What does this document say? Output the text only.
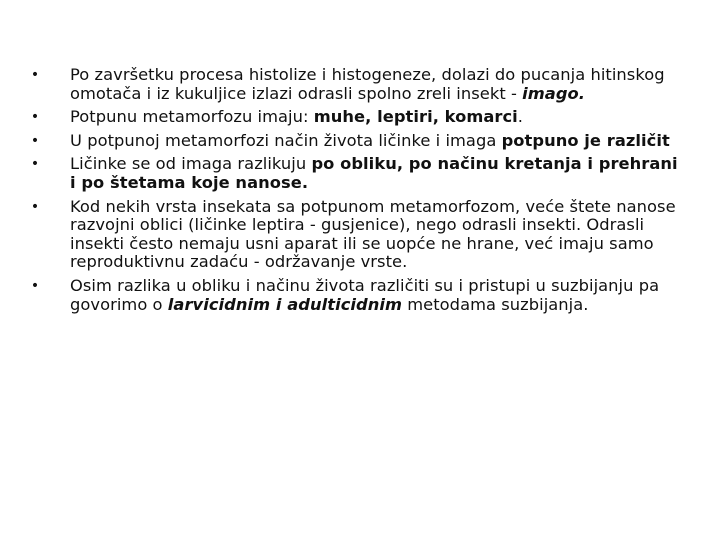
• Po završetku procesa histolize i histogeneze, dolazi do pucanja hitinskog omotača i iz kukuljice izlazi odrasli spolno zreli insekt - imago.
• Potpunu metamorfozu imaju: muhe, leptiri, komarci.
• U potpunoj metamorfozi način života ličinke i imaga potpuno je različit
• Ličinke se od imaga razlikuju po obliku, po načinu kretanja i prehrani i po štetama koje nanose.
• Kod nekih vrsta insekata sa potpunom metamorfozom, veće štete nanose razvojni oblici (ličinke leptira - gusjenice), nego odrasli insekti. Odrasli insekti često nemaju usni aparat ili se uopće ne hrane, već imaju samo reproduktivnu zadaću - održavanje vrste.
• Osim razlika u obliku i načinu života različiti su i pristupi u suzbijanju pa govorimo o larvicidnim i adulticidnim metodama suzbijanja.
